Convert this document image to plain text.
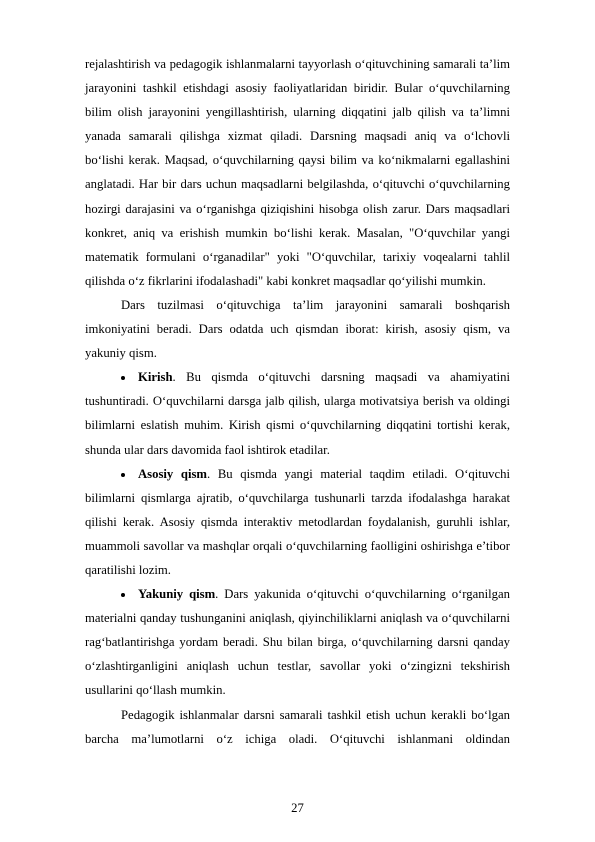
rejalashtirish va pedagogik ishlanmalarni tayyorlash o‘qituvchining samarali ta’lim
jarayonini tashkil etishdagi asosiy faoliyatlaridan biridir. Bular o‘quvchilarning
bilim olish jarayonini yengillashtirish, ularning diqqatini jalb qilish va ta’limni
yanada samarali qilishga xizmat qiladi. Darsning maqsadi aniq va o‘lchovli
bo‘lishi kerak. Maqsad, o‘quvchilarning qaysi bilim va ko‘nikmalarni egallashini
anglatadi. Har bir dars uchun maqsadlarni belgilashda, o‘qituvchi o‘quvchilarning
hozirgi darajasini va o‘rganishga qiziqishini hisobga olish zarur. Dars maqsadlari
konkret, aniq va erishish mumkin bo‘lishi kerak. Masalan, "O‘quvchilar yangi
matematik formulani o‘rganadilar" yoki "O‘quvchilar, tarixiy voqealarni tahlil
qilishda o‘z fikrlarini ifodalashadi" kabi konkret maqsadlar qo‘yilishi mumkin.
Dars tuzilmasi o‘qituvchiga ta’lim jarayonini samarali boshqarish
imkoniyatini beradi. Dars odatda uch qismdan iborat: kirish, asosiy qism, va
yakuniy qism.
Kirish. Bu qismda o‘qituvchi darsning maqsadi va ahamiyatini
tushuntiradi. O‘quvchilarni darsga jalb qilish, ularga motivatsiya berish va oldingi
bilimlarni eslatish muhim. Kirish qismi o‘quvchilarning diqqatini tortishi kerak,
shunda ular dars davomida faol ishtirok etadilar.
Asosiy qism. Bu qismda yangi material taqdim etiladi. O‘qituvchi
bilimlarni qismlarga ajratib, o‘quvchilarga tushunarli tarzda ifodalashga harakat
qilishi kerak. Asosiy qismda interaktiv metodlardan foydalanish, guruhli ishlar,
muammoli savollar va mashqlar orqali o‘quvchilarning faolligini oshirishga e’tibor
qaratilishi lozim.
Yakuniy qism. Dars yakunida o‘qituvchi o‘quvchilarning o‘rganilgan
materialni qanday tushunganini aniqlash, qiyinchiliklarni aniqlash va o‘quvchilarni
rag‘batlantirishga yordam beradi. Shu bilan birga, o‘quvchilarning darsni qanday
o‘zlashtirganligini aniqlash uchun testlar, savollar yoki o‘zingizni tekshirish
usullarini qo‘llash mumkin.
Pedagogik ishlanmalar darsni samarali tashkil etish uchun kerakli bo‘lgan
barcha ma’lumotlarni o‘z ichiga oladi. O‘qituvchi ishlanmani oldindan
27
